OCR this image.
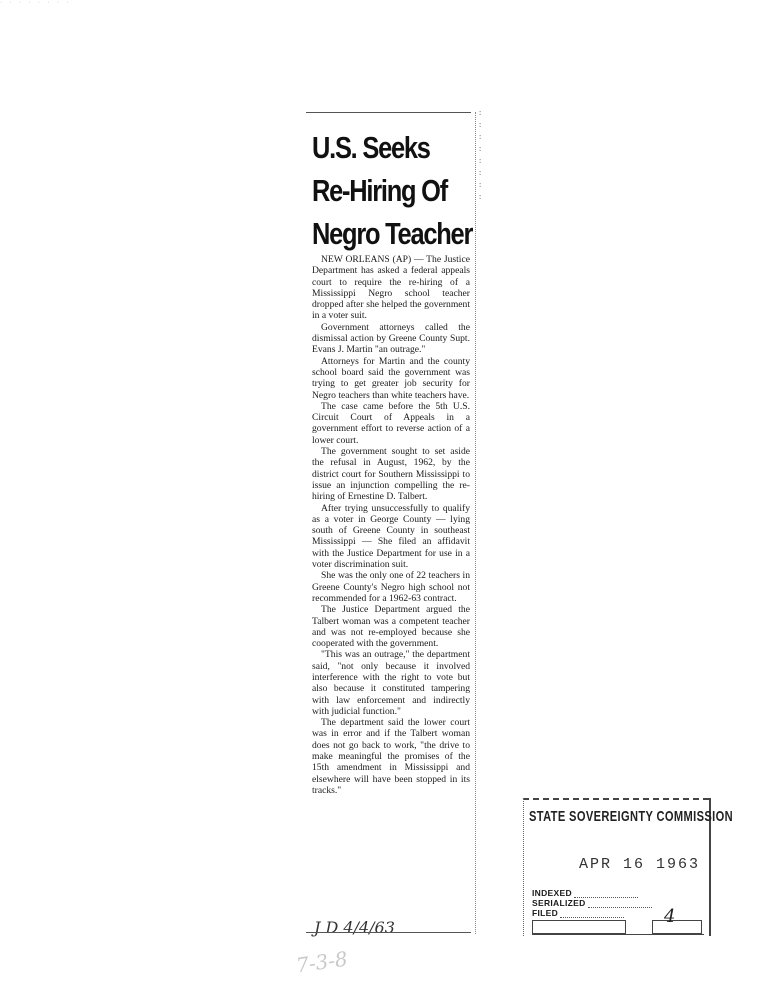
· · · · · · · ·
U.S. Seeks
Re-Hiring Of
Negro Teacher

NEW ORLEANS (AP) — The Justice Department has asked a federal appeals court to require the re-hiring of a Mississippi Negro school teacher dropped after she helped the government in a voter suit.

Government attorneys called the dismissal action by Greene County Supt. Evans J. Martin "an outrage."

Attorneys for Martin and the county school board said the government was trying to get greater job security for Negro teachers than white teachers have.

The case came before the 5th U.S. Circuit Court of Appeals in a government effort to reverse action of a lower court.

The government sought to set aside the refusal in August, 1962, by the district court for Southern Mississippi to issue an injunction compelling the re-hiring of Ernestine D. Talbert.

After trying unsuccessfully to qualify as a voter in George County — lying south of Greene County in southeast Mississippi — She filed an affidavit with the Justice Department for use in a voter discrimination suit.

She was the only one of 22 teachers in Greene County's Negro high school not recommended for a 1962-63 contract.

The Justice Department argued the Talbert woman was a competent teacher and was not re-employed because she cooperated with the government.

"This was an outrage," the department said, "not only because it involved interference with the right to vote but also because it constituted tampering with law enforcement and indirectly with judicial function."

The department said the lower court was in error and if the Talbert woman does not go back to work, "the drive to make meaningful the promises of the 15th amendment in Mississippi and elsewhere will have been stopped in its tracks."

J D 4/4/63
:
:
:
:
:
:
:
:
7-3-8
STATE SOVEREIGNTY COMMISSION
APR 16 1963
INDEXED
SERIALIZED
FILED	4
